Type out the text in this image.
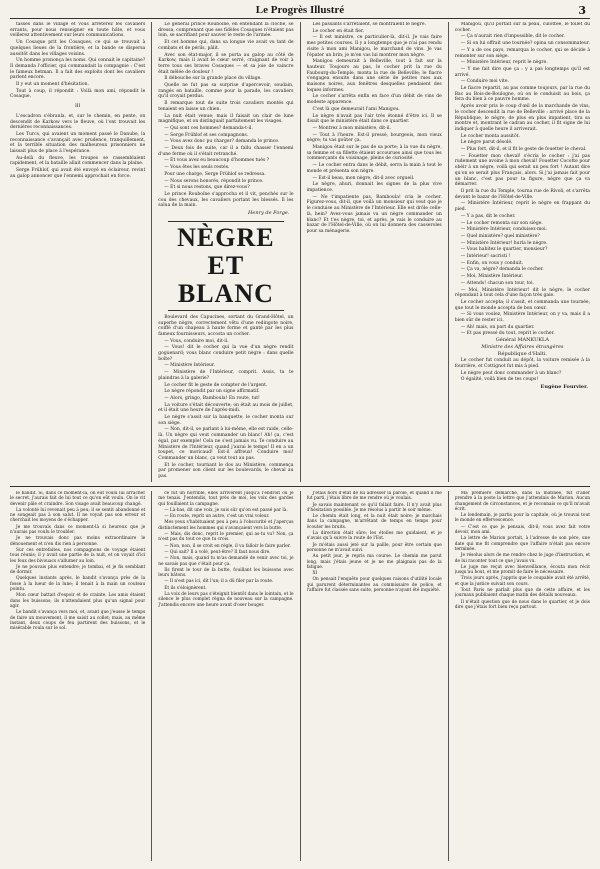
Le Progrès Illustré	3

tasses dans le village et vous arrêterez les cavaliers errants, pour nous renseigner en toute hâte, et vous veillerez attentivement sur leurs communications.

Un Cosaque prit les Cosaques, ce qui se trouvait à quelques lieues de la frontière, et la bande se dispersa aussitôt dans les villages voisins.

Un homme prononça les noms. Qui connait le capitaine? Il demanda l'officier, qui commandait la compagnie : C'est le fameux hetman. Il a fait des exploits dont les cavaliers parlent encore.

Il y eut un moment d'hésitation.

Tout à coup, il répondit : Voilà mon ami, répondit le Cosaque.

III

L'escadron s'ébranla, et, sur le chemin, en pente, on descendit de Karkow vers le fleuve, où l'ont trouvait les dernières reconnaissances.

Les Turcs, qui avaient un moment passé le Danube, la reconnaissance s'avançait avec prudence, tranquillement, et la terrible situation des malheureux prisonniers ne laissait plus de place à l'espérance.

Au-delà du fleuve, les troupes se rassemblaient rapidement, et la bataille allait commencer dans la plaine.

Serge Frühlof, qui avait été envoyé en éclaireur, revint au galop annoncer que l'ennemi approchait en force.

Le général prince Rouboïne, en entendant la cloche, se dressa, comprenant que ses fidèles Cosaques n'étaient pas loin, se sacrifiant pour sauver le reste de l'armée.

Et cet homme qui, dans sa longue vie avait vu tant de combats et de périls, pâlit.

Avec son état-major, il se porta au galop au côté de Karkow, mais il avait le cœur serré, craignant de voir à terre tous ses braves Cosaques — et sa joie de vaincre était mêlée de douleur !

Il débouche sur la grande place du village.

Quelle ne fut pas sa surprise d'apercevoir, soudain, rangés en bataille, comme pour la parade, les cavaliers qu'il croyait perdus.

Il remarque tout de suite trois cavaliers montés qui tenaient en laisse un chien.

La nuit était venue; mais il faisait un clair de lune magnifique, et on distinguait parfaitement les visages.

— Qui sont ces hommes? demanda-t-il.

— Serge Frühlof et ses compagnons.

— Vous avez donc pu charger? demanda le prince.

— Deux fois de suite, car il a fallu chasser l'ennemi d'une ferme où il s'était retranché.

— Et vous avez eu beaucoup d'hommes tués ?

— Vous êtes les seuls restés.

Pour une charge, Serge Frühlof se redressa.

— Nous serons honorés, répondit le prince.

— Et si nous restons, que direz-vous?

Le prince Rouboïne s'approcha et il vit, penchés sur le cou des chevaux, les cavaliers portant les blessés. Il les salua de la main.

Henry de Forge.
NÈGRE ET BLANC

Boulevard des Capucines, sortant du Grand-Hôtel, un superbe nègre, correctement vêtu d'une redingote noire, coiffé d'un chapeau à haute forme et ganté par les plus fameux fournisseurs, accosta un cocher.

— Vous, conduire moi, dit-il.

— Vous! dit le cocher qui la vue d'un nègre rendit goguenard; vous blanc conduire petit nègre : dans quelle boîte?

— Ministère Intérieur.

— Ministère de l'Intérieur, comprit. Assis, tu te plaindras à la galerie?

Le cocher fit le geste de compter de l'argent.

Le nègre répondit par un signe affirmatif.

— Alors, gringo, Bamboula! En route, tut!

La voiture s'était découverte; on était au mois de juillet, et il était une heure de l'après-midi.

Le nègre s'assit sur la banquette, le cocher monta sur son siège.

— Non, dit-il, se parlant à lui-même, elle est raide, celle-là. Un nègre qui veut commander un blanc! Ah! ça, c'est égal, par exemple! Cela ne s'est jamais vu. Te conduire au Ministère de l'Intérieur, quand j'aurai le temps! Il en a un toupet, ce moricaud! Est-il affreux! Conduire moi! Commander un blanc, ça veut tout au pas.

Et le cocher, tournant le dos au Ministère, commença par promener son client sur les boulevards, le cheval au pas.

Les passants s'arrêtaient, se montraient le nègre.

Le cocher en était fier.

— Il est ministre, ce particulier-là, dit-il. Je vais faire mes petites courses. Il y a longtemps que je n'ai pas rendu visite à mon ami Manigou, le marchand de vins. Je vas l'épater un brin; je m'en vas lui montrer mon nègre.

Manigou demeurait à Belleville, tout à fait sur la hauteur. Toujours au pas, le cocher prit la rue du Faubourg-du-Temple, monta la rue de Belleville; le fiacre s'engagea ensuite dans une série de petites rues aux maisons noires, aux fenêtres desquelles pendaient des loques informes.

Le cocher s'arrêta enfin en face d'un débit de vins de modeste apparence.

C'est là que demeurait l'ami Manigou.

Le nègre n'avait pas l'air très étonné d'être ici. Il se disait que le ministère était dans ce quartier.

— Montrez à mon ministère, dit-il.

— Tout à l'heure. Est-il pressé, bourgeois, mon vieux nègre; tu vas goûter ça.

Manigou était sur le pas de sa porte; à la vue du nègre, sa femme et sa fillette étaient accourues ainsi que tous les commerçants du voisinage, pleins de curiosité.

— Le cocher entra dans le débit, serra la main à tout le monde et présenta son nègre.

— Est-il beau, mon nègre, dit-il avec orgueil.

Le nègre, ahuri, donnait les signes de la plus vive impatience.

— Ne t'impatiente pas, Bamboula! cria le cocher. Figurez-vous, dit-il, que voilà un monsieur qui veut que je le conduise au Ministère de l'Intérieur. Elle est drôle celle-là, hein? Avez-vous jamais vu un nègre commander un blanc? Et t'es nègre, toi, et après, je vais le conduire au bazar de l'Hôtel-de-Ville, où on lui donnera des casseroles pour sa ménagerie.

Manigou, qu'il portait sur la peau, culottée, le toilet du cocher.

— Ça n'aurait rien d'impossible, dit le cocher.

— Si on lui offrait une tournée? opina un consommateur.

— Y a de ces pays, remarqua le cocher, qui se décide à remonter sur son siège.

— Ministère Intérieur, reprit le nègre.

— Y me fait dire que ça : y a pas longtemps qu'il est arrivé.

— Conduire moi vite.

Le fiacre repartit, au pas comme toujours, par la rue du Bac au Bois-de-Boulogne, où on le conduisit au bois, ça fera du bien à ce pauvre homme.

Après avoir pris le coup d'œil de la marchande de vins, le cocher descendit la rue de Belleville : arrivé place de la République, le nègre, de plus en plus impatient, tira sa montre et, montrant le cadran au cocher, il fit signe de lui indiquer à quelle heure il arriverait.

Le cocher monta aussitôt.

Le nègre parut désolé.

— Plus fort, dit-il, et il fit le geste de fouetter le cheval.

— Fouetter mon cheval! s'écria le cocher : j'ai pas rudement une avoine à mon cheval! Fouetter Cocotte pour obéir à un nègre, voilà qui serait un peu fort ! Autant dire qu'on se serait plus Français, alors. Si j'ai jamais fait pour un blanc, c'est pas pour ta figure, nègre que ça va démarrer.

Il prit la rue du Temple, tourna rue de Rivoli, et s'arrêta devant le bazar de l'Hôtel-de-Ville.

— Ministère Intérieur, reprit le nègre en frappant du pied.

— Y a pas, dit le cocher.

— Le cocher remonta sur son siège.

— Ministère Intérieur, conduisez-moi.

— Quel ministère? quel ministère?

— Ministère Intérieur! hurla le nègre.

— Vous habitez le quartier, monsieur?

— Intérieur! sacristi !

— Enfin, on vous y conduit.

— Ça va, nègre? demanda le cocher.

— Moi, Ministère Intérieur.

— Attends! chacun son tour, toi.

— Moi, Ministère Intérieur! dit le nègre, le cocher répondant à tout cela d'une façon très gaie.

Le cocher accepta; il s'assit, et commanda une tournée, que tout le monde accepta de bon cœur.

— Si vous voulez, Ministère Intérieur, on y va, mais il a bien sûr de rester ici.

— Ah! mais, on part du quartier.

— Et pas pressé du tout, reprit le cocher.

Général MANKUKLA
Ministre des Affaires étrangères
République d'Haïti.

Le cocher fut conduit au dépôt, la voiture remisée à la fourrière, et Cottignot fut mis à pied.

Le nègre peut donc commander à un blanc?

O égalité, voilà bien de tes coups!

Eugène Fourvier.

le bandit. Si, dans ce moment-là, on eût voulu lui arracher le secret, j'aurais fait de lui tout ce qu'on eût voulu. On le vit devenir pâle et craindre. Son visage avait beaucoup changé.

La volonté lui revenait peu à peu; il se sentit abandonné et ne songeait pas à son salut. Il ne voyait pas son erreur et cherchait les moyens de s'échapper.

Je me trouvais dans ce moment-là si heureux que je n'aurais pas voulu le troubler.

Je ne trouvais donc pas moins extraordinaire le dénouement et n'en dis rien à personne.

Sur ces entrefaites, nos compagnons de voyage étaient tous réunis; il y avait une partie de la nuit, et on voyait d'ici les feux des bivouacs s'allumer au loin.

Je ne pouvais plus entendre; je tombai, et je fis semblant de dormir.

Quelques instants après, le bandit s'avança près de la fosse à la lueur de la lune; il tenait à la main un couteau pointu.

Mon cœur battait d'espoir et de crainte. Les amis étaient dans les buissons; ils n'attendaient plus qu'un signal pour agir.

Le bandit s'avança vers moi, et, avant que j'eusse le temps de faire un mouvement, il me saisit au collet; mais, au même instant, deux coups de feu partirent des buissons, et le misérable roula sur le sol.

ce fut un horrible, elles arrivèrent jusqu'à l'endroit où je me tenais. J'entendis, tout près de moi, les voix des gardes qui fouillaient la campagne.

— Là-bas, dit une voix, je suis sûr qu'on est passé par là.

— En route, reprit un autre, c'est un vrai voleur.

Mes yeux s'habituaient peu à peu à l'obscurité et j'aperçus distinctement les hommes qui s'avançaient vers la butte.

— Mais, dis donc, reprit le premier, qui as-tu vu? Non, ça n'est pas du tout ce que tu crois.

— Non, non, il se croit en règle, il va falloir le faire parler.

— Qui sait? Il a volé, peut-être? Il faut nous dire.

— Non, mais, quand tu m'as demandé de venir avec toi, je ne savais pas que c'était pour ça.

Ils firent le tour de la butte, fouillant les buissons avec leurs bâtons.

— Il n'est pas ici, dit l'un; il a dû filer par la route.

Et ils s'éloignèrent.

La voix de leurs pas s'éteignit bientôt dans le lointain, et le silence le plus complet régna de nouveau sur la campagne. J'attendis encore une heure avant d'oser bouger.

J'étais hors d'état de lui adresser la parole, et quand il me fut parti, j'étais libre de me rendre où je voulais.

Je savais maintenant ce qu'il fallait faire. Il n'y avait plus d'hésitation possible. Je me résolus à partir le soir même.

Le chemin était long, et la nuit était noire; je marchais dans la campagne, m'arrêtant de temps en temps pour écouter les bruits.

La direction était sûre; les étoiles me guidaient, et je n'avais qu'à suivre la route de l'Est.

Je m'étais aussi jeté sur la paille, pour être certain que personne ne m'avait suivi.

Au petit jour, je repris ma course. Le chemin me parut long, mais j'étais jeune et je ne me plaignais pas de la fatigue.

XI

On pensait l'enquête pour quelques raisons d'utilité locale qui parurent déterminantes au commissaire de police, et l'affaire fut classée sans suite, personne n'ayant été inquiété.

Ma première démarche, dans la matinée, fut d'aller prendre à la poste la lettre que j'attendais de Marion. Aucun changement de circonstances, et je reconnais ce qu'il m'avait écrit.

Le lendemain, je partis pour la capitale, où je trouvai tout le monde en effervescence.

— C'est ce que je pensais, dit-il; vous avez fait votre devoir, mon ami.

La lettre de Marion portait, à l'adresse de son père, une date qui me fit comprendre que l'affaire n'était pas encore terminée.

Je résolus alors de me rendre chez le juge d'instruction, et de lui raconter tout ce que j'avais vu.

Le juge me reçut avec bienveillance, écouta mon récit jusqu'au bout, et me promit de faire le nécessaire.

Trois jours après, j'appris que le coupable avait été arrêté, et que la justice suivait son cours.

Tout Paris ne parlait plus que de cette affaire, et les journaux publiaient chaque matin des détails nouveaux.

Il n'était question que de nous dans le quartier, et je dois dire que j'étais fort bien reçu partout.
